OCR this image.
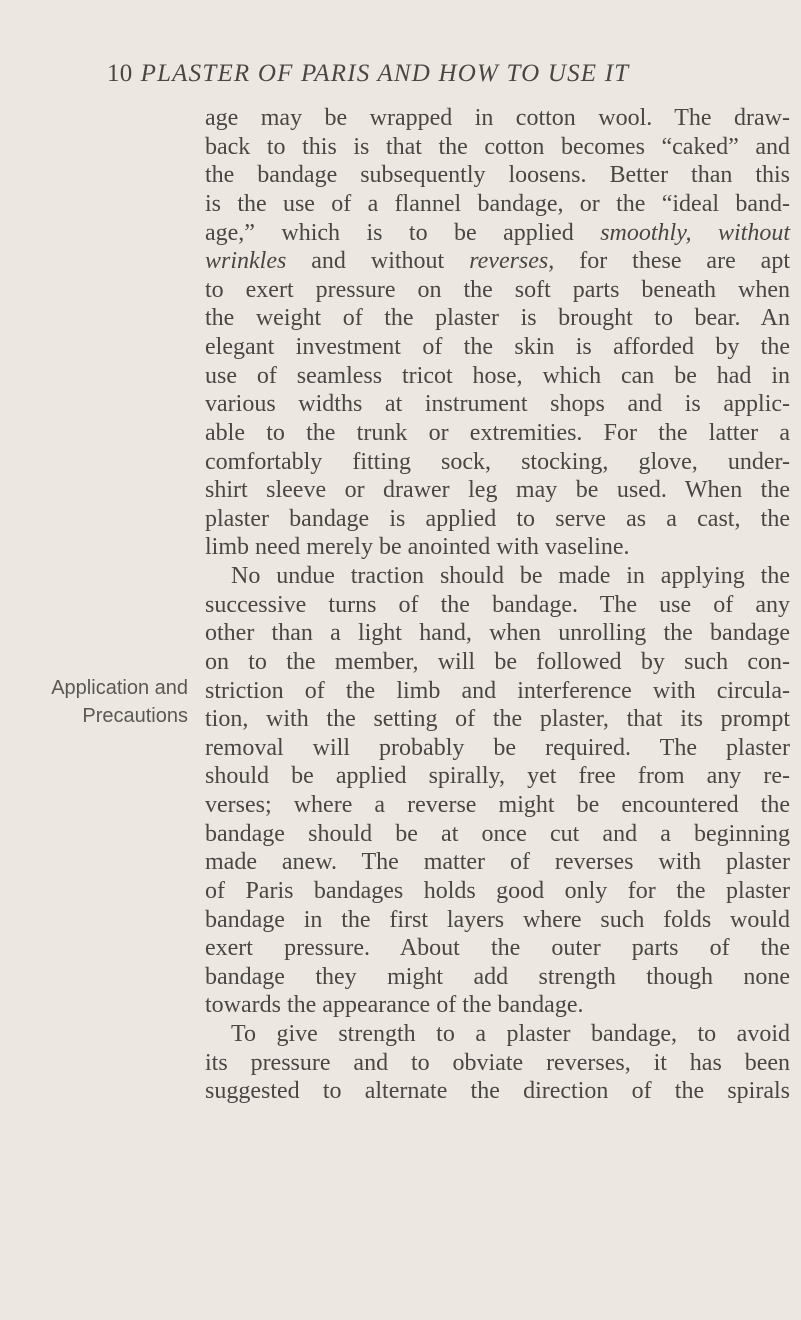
10 PLASTER OF PARIS AND HOW TO USE IT
Application and
Precautions
age may be wrapped in cotton wool. The draw-
back to this is that the cotton becomes “caked” and
the bandage subsequently loosens. Better than this
is the use of a flannel bandage, or the “ideal band-
age,” which is to be applied smoothly, without
wrinkles and without reverses, for these are apt
to exert pressure on the soft parts beneath when
the weight of the plaster is brought to bear. An
elegant investment of the skin is afforded by the
use of seamless tricot hose, which can be had in
various widths at instrument shops and is applic-
able to the trunk or extremities. For the latter a
comfortably fitting sock, stocking, glove, under-
shirt sleeve or drawer leg may be used. When the
plaster bandage is applied to serve as a cast, the
limb need merely be anointed with vaseline.
No undue traction should be made in applying the
successive turns of the bandage. The use of any
other than a light hand, when unrolling the bandage
on to the member, will be followed by such con-
striction of the limb and interference with circula-
tion, with the setting of the plaster, that its prompt
removal will probably be required. The plaster
should be applied spirally, yet free from any re-
verses; where a reverse might be encountered the
bandage should be at once cut and a beginning
made anew. The matter of reverses with plaster
of Paris bandages holds good only for the plaster
bandage in the first layers where such folds would
exert pressure. About the outer parts of the
bandage they might add strength though none
towards the appearance of the bandage.
To give strength to a plaster bandage, to avoid
its pressure and to obviate reverses, it has been
suggested to alternate the direction of the spirals
